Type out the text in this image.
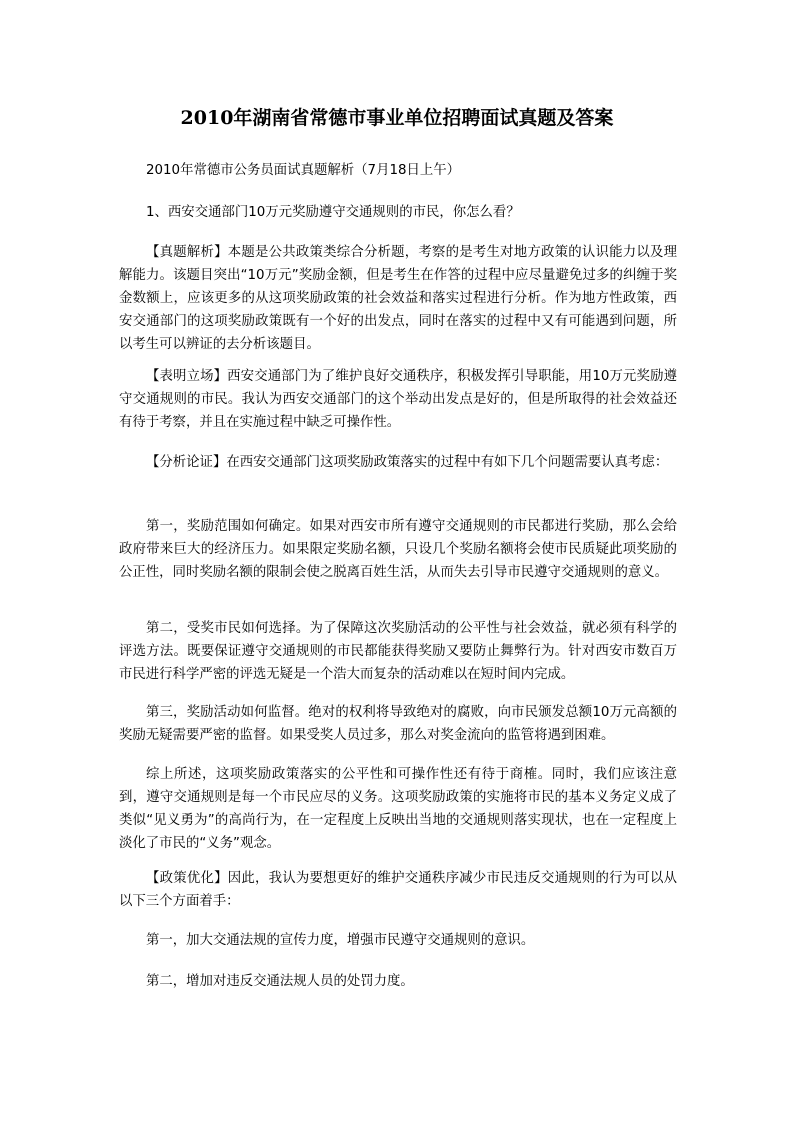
2010年湖南省常德市事业单位招聘面试真题及答案

2010年常德市公务员面试真题解析（7月18日上午）

1、西安交通部门10万元奖励遵守交通规则的市民，你怎么看？

【真题解析】本题是公共政策类综合分析题，考察的是考生对地方政策的认识能力以及理解能力。该题目突出“10万元”奖励金额，但是考生在作答的过程中应尽量避免过多的纠缠于奖金数额上，应该更多的从这项奖励政策的社会效益和落实过程进行分析。作为地方性政策，西安交通部门的这项奖励政策既有一个好的出发点，同时在落实的过程中又有可能遇到问题，所以考生可以辨证的去分析该题目。

【表明立场】西安交通部门为了维护良好交通秩序，积极发挥引导职能，用10万元奖励遵守交通规则的市民。我认为西安交通部门的这个举动出发点是好的，但是所取得的社会效益还有待于考察，并且在实施过程中缺乏可操作性。

【分析论证】在西安交通部门这项奖励政策落实的过程中有如下几个问题需要认真考虑：

第一，奖励范围如何确定。如果对西安市所有遵守交通规则的市民都进行奖励，那么会给政府带来巨大的经济压力。如果限定奖励名额，只设几个奖励名额将会使市民质疑此项奖励的公正性，同时奖励名额的限制会使之脱离百姓生活，从而失去引导市民遵守交通规则的意义。

第二，受奖市民如何选择。为了保障这次奖励活动的公平性与社会效益，就必须有科学的评选方法。既要保证遵守交通规则的市民都能获得奖励又要防止舞弊行为。针对西安市数百万市民进行科学严密的评选无疑是一个浩大而复杂的活动难以在短时间内完成。

第三，奖励活动如何监督。绝对的权利将导致绝对的腐败，向市民颁发总额10万元高额的奖励无疑需要严密的监督。如果受奖人员过多，那么对奖金流向的监管将遇到困难。

综上所述，这项奖励政策落实的公平性和可操作性还有待于商榷。同时，我们应该注意到，遵守交通规则是每一个市民应尽的义务。这项奖励政策的实施将市民的基本义务定义成了类似“见义勇为”的高尚行为，在一定程度上反映出当地的交通规则落实现状，也在一定程度上淡化了市民的“义务”观念。

【政策优化】因此，我认为要想更好的维护交通秩序减少市民违反交通规则的行为可以从以下三个方面着手：

第一，加大交通法规的宣传力度，增强市民遵守交通规则的意识。

第二，增加对违反交通法规人员的处罚力度。
